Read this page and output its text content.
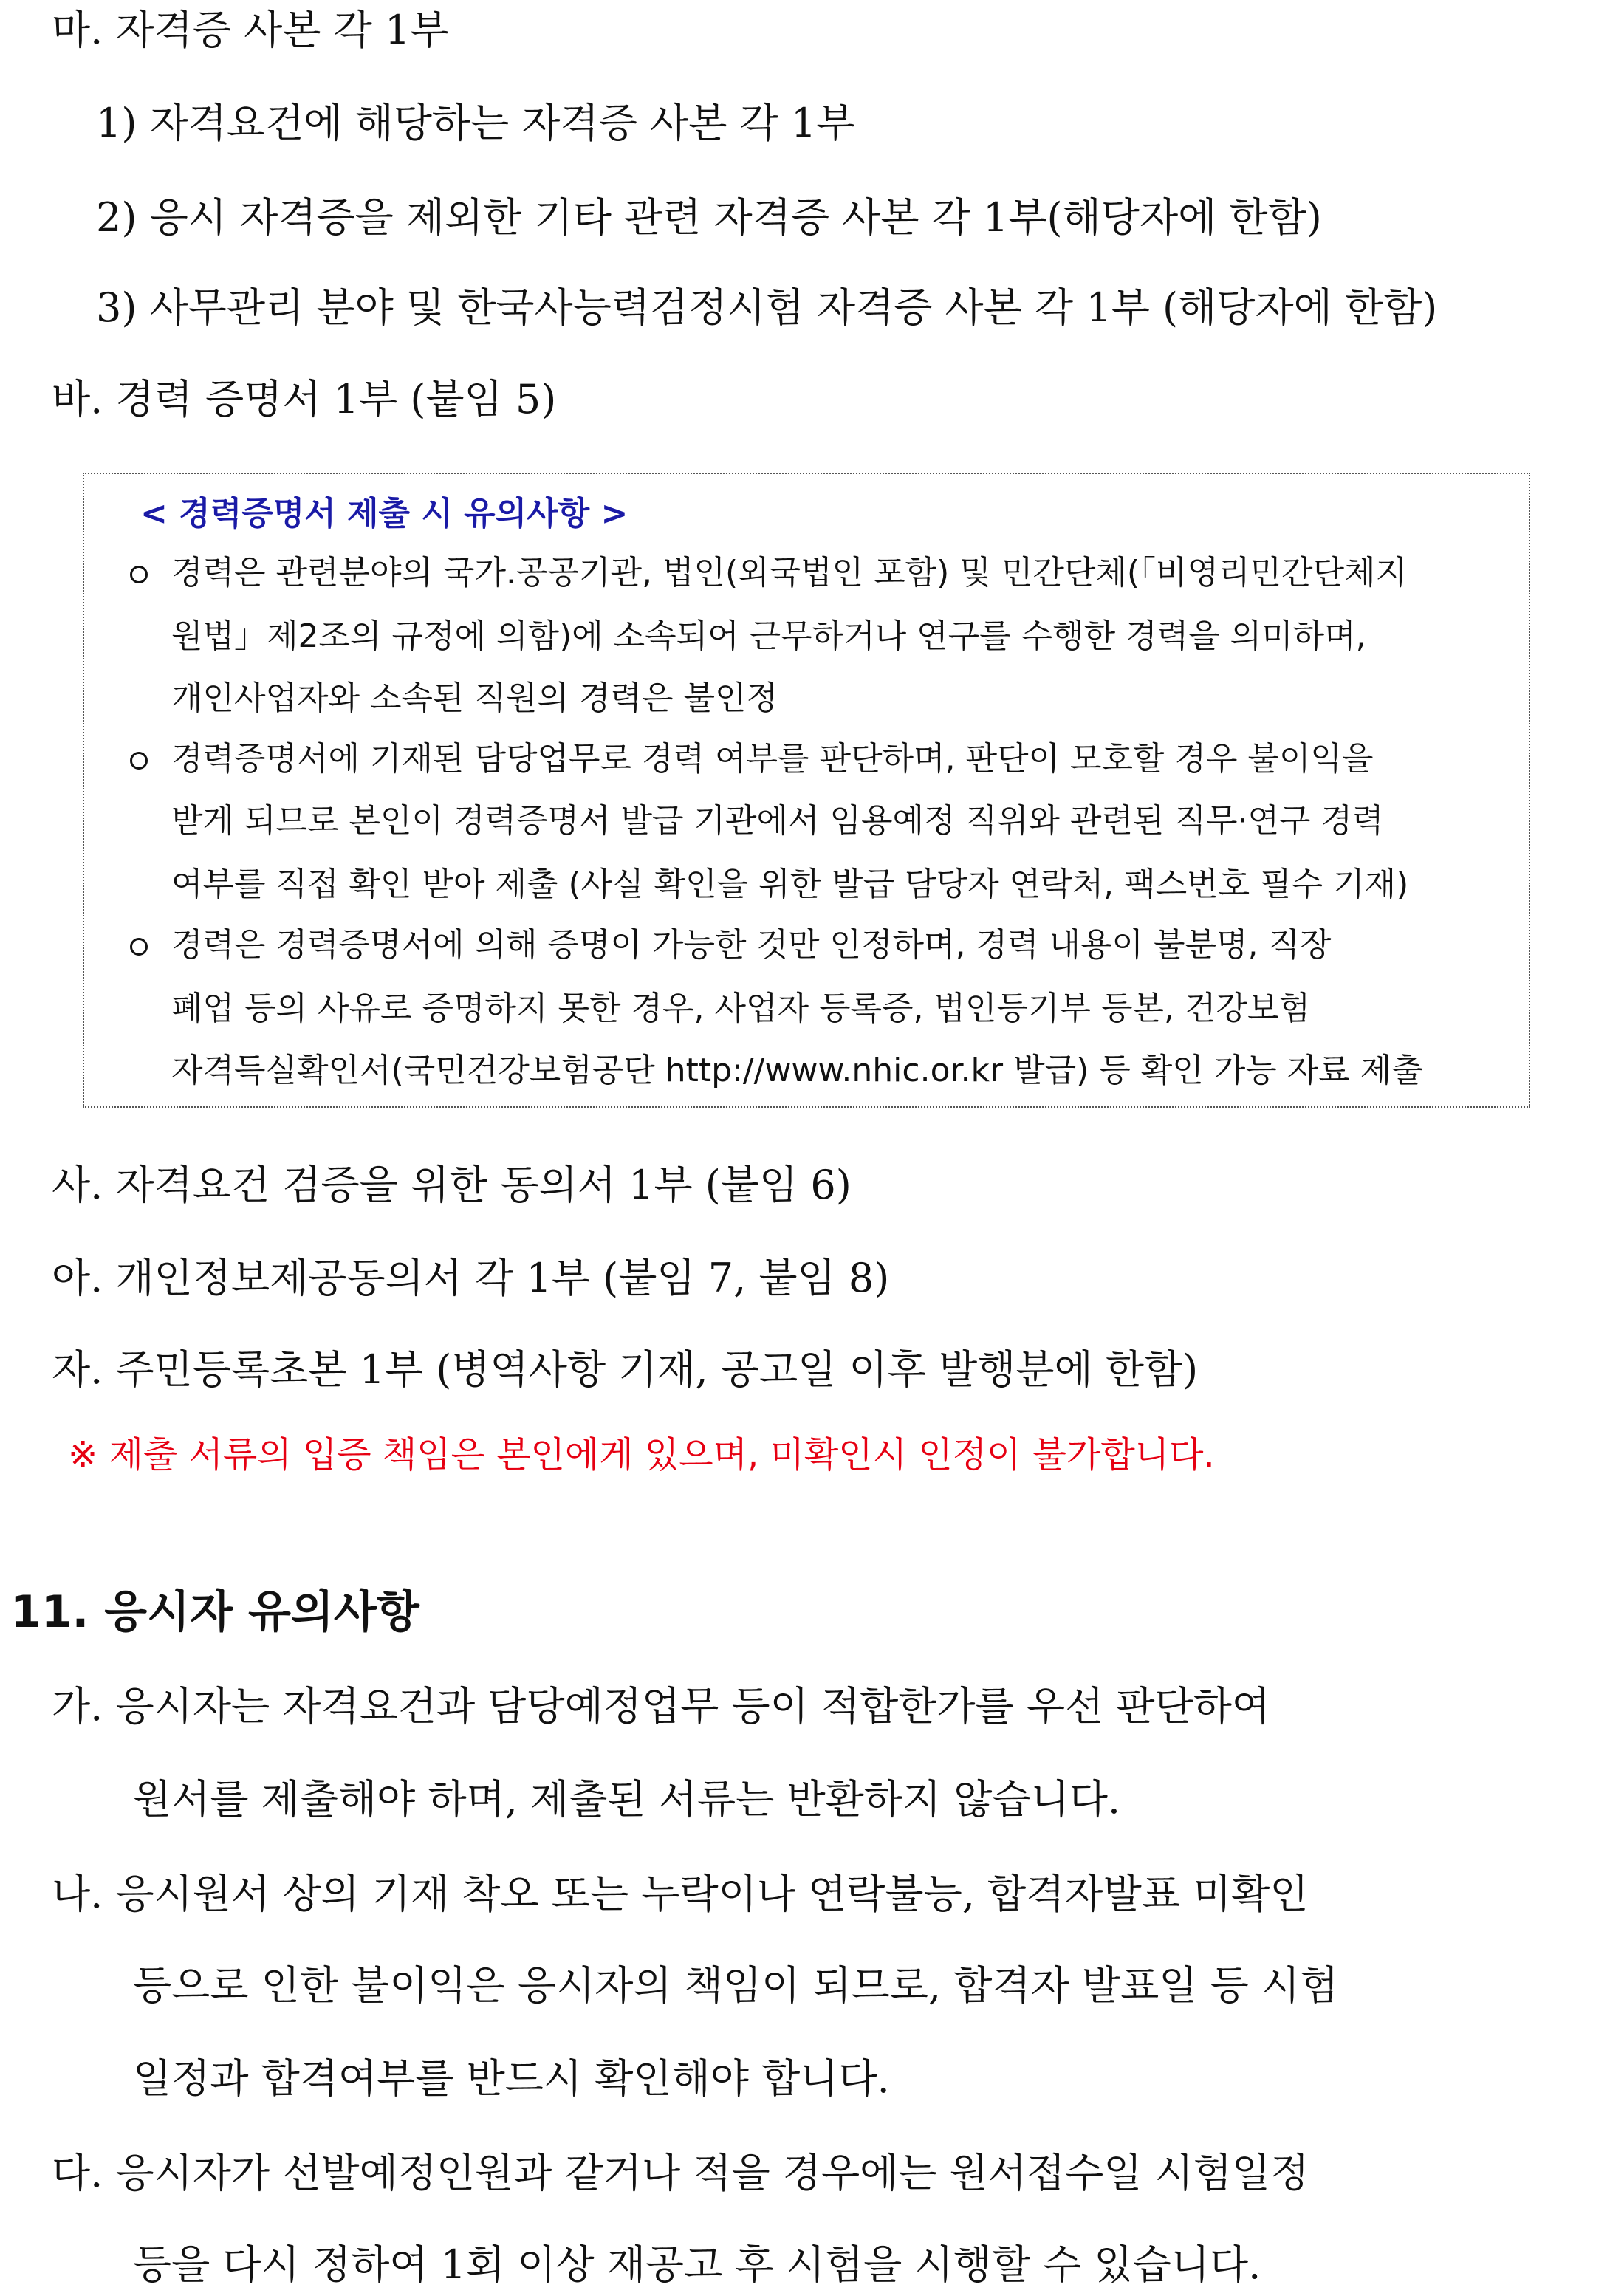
마. 자격증 사본 각 1부
1) 자격요건에 해당하는 자격증 사본 각 1부
2) 응시 자격증을 제외한 기타 관련 자격증 사본 각 1부(해당자에 한함)
3) 사무관리 분야 및 한국사능력검정시험 자격증 사본 각 1부 (해당자에 한함)
바. 경력 증명서 1부 (붙임 5)
< 경력증명서 제출 시 유의사항 >
경력은 관련분야의 국가.공공기관, 법인(외국법인 포함) 및 민간단체(「비영리민간단체지
원법」제2조의 규정에 의함)에 소속되어 근무하거나 연구를 수행한 경력을 의미하며,
개인사업자와 소속된 직원의 경력은 불인정
경력증명서에 기재된 담당업무로 경력 여부를 판단하며, 판단이 모호할 경우 불이익을
받게 되므로 본인이 경력증명서 발급 기관에서 임용예정 직위와 관련된 직무·연구 경력
여부를 직접 확인 받아 제출 (사실 확인을 위한 발급 담당자 연락처, 팩스번호 필수 기재)
경력은 경력증명서에 의해 증명이 가능한 것만 인정하며, 경력 내용이 불분명, 직장
폐업 등의 사유로 증명하지 못한 경우, 사업자 등록증, 법인등기부 등본, 건강보험
자격득실확인서(국민건강보험공단 http://www.nhic.or.kr 발급) 등 확인 가능 자료 제출
사. 자격요건 검증을 위한 동의서 1부 (붙임 6)
아. 개인정보제공동의서 각 1부 (붙임 7, 붙임 8)
자. 주민등록초본 1부 (병역사항 기재, 공고일 이후 발행분에 한함)
※ 제출 서류의 입증 책임은 본인에게 있으며, 미확인시 인정이 불가합니다.
11. 응시자 유의사항
가. 응시자는 자격요건과 담당예정업무 등이 적합한가를 우선 판단하여
원서를 제출해야 하며, 제출된 서류는 반환하지 않습니다.
나. 응시원서 상의 기재 착오 또는 누락이나 연락불능, 합격자발표 미확인
등으로 인한 불이익은 응시자의 책임이 되므로, 합격자 발표일 등 시험
일정과 합격여부를 반드시 확인해야 합니다.
다. 응시자가 선발예정인원과 같거나 적을 경우에는 원서접수일 시험일정
등을 다시 정하여 1회 이상 재공고 후 시험을 시행할 수 있습니다.
